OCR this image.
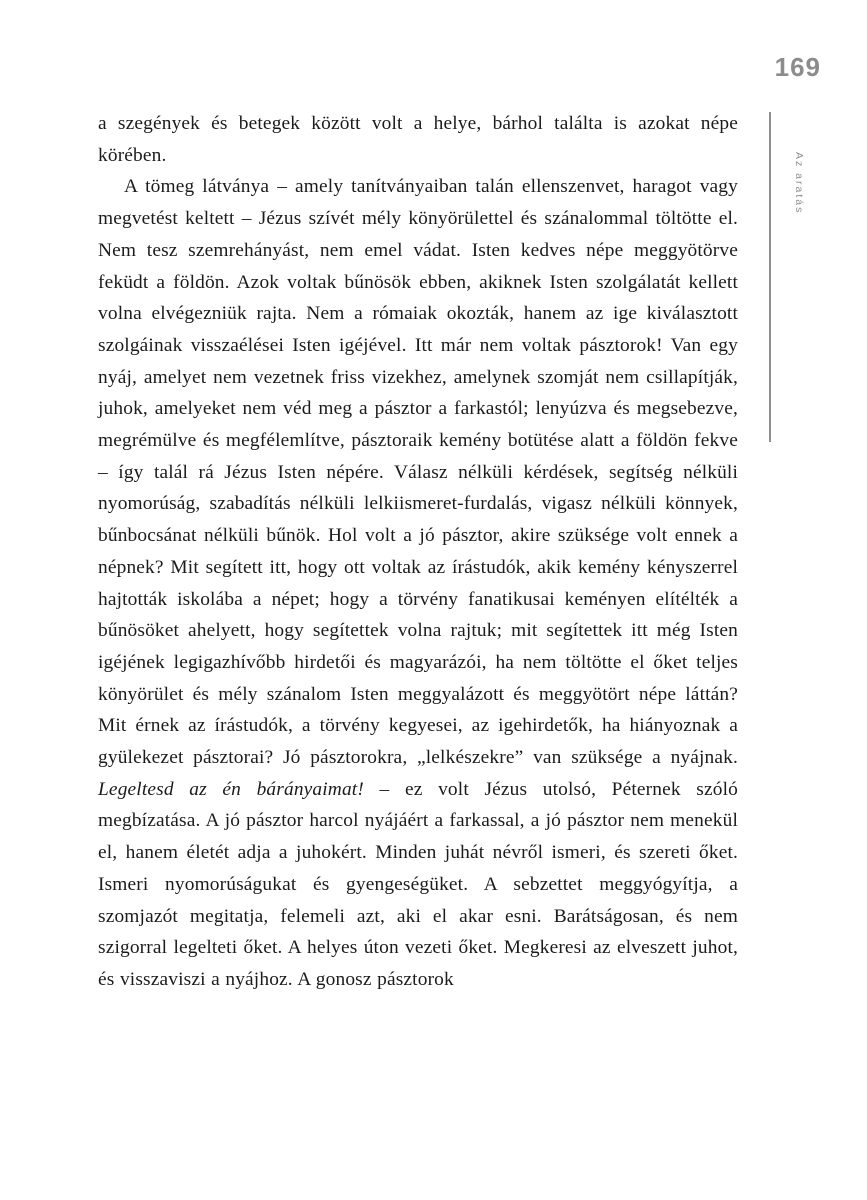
169
Az aratás

a szegények és betegek között volt a helye, bárhol találta is azokat népe körében.

A tömeg látványa – amely tanítványaiban talán ellenszenvet, haragot vagy megvetést keltett – Jézus szívét mély könyörülettel és szánalommal töltötte el. Nem tesz szemrehányást, nem emel vádat. Isten kedves népe meggyötörve feküdt a földön. Azok voltak bűnösök ebben, akiknek Isten szolgálatát kellett volna elvégezniük rajta. Nem a rómaiak okozták, hanem az ige kiválasztott szolgáinak visszaélései Isten igéjével. Itt már nem voltak pásztorok! Van egy nyáj, amelyet nem vezetnek friss vizekhez, amelynek szomját nem csillapítják, juhok, amelyeket nem véd meg a pásztor a farkastól; lenyúzva és megsebezve, megrémülve és megfélemlítve, pásztoraik kemény botütése alatt a földön fekve – így talál rá Jézus Isten népére. Válasz nélküli kérdések, segítség nélküli nyomorúság, szabadítás nélküli lelkiismeret-furdalás, vigasz nélküli könnyek, bűnbocsánat nélküli bűnök. Hol volt a jó pásztor, akire szüksége volt ennek a népnek? Mit segített itt, hogy ott voltak az írástudók, akik kemény kényszerrel hajtották iskolába a népet; hogy a törvény fanatikusai keményen elítélték a bűnösöket ahelyett, hogy segítettek volna rajtuk; mit segítettek itt még Isten igéjének legigazhívőbb hirdetői és magyarázói, ha nem töltötte el őket teljes könyörület és mély szánalom Isten meggyalázott és meggyötört népe láttán? Mit érnek az írástudók, a törvény kegyesei, az igehirdetők, ha hiányoznak a gyülekezet pásztorai? Jó pásztorokra, „lelkészekre” van szüksége a nyájnak. Legeltesd az én bárányaimat! – ez volt Jézus utolsó, Péternek szóló megbízatása. A jó pásztor harcol nyájáért a farkassal, a jó pásztor nem menekül el, hanem életét adja a juhokért. Minden juhát névről ismeri, és szereti őket. Ismeri nyomorúságukat és gyengeségüket. A sebzettet meggyógyítja, a szomjazót megitatja, felemeli azt, aki el akar esni. Barátságosan, és nem szigorral legelteti őket. A helyes úton vezeti őket. Megkeresi az elveszett juhot, és visszaviszi a nyájhoz. A gonosz pásztorok
